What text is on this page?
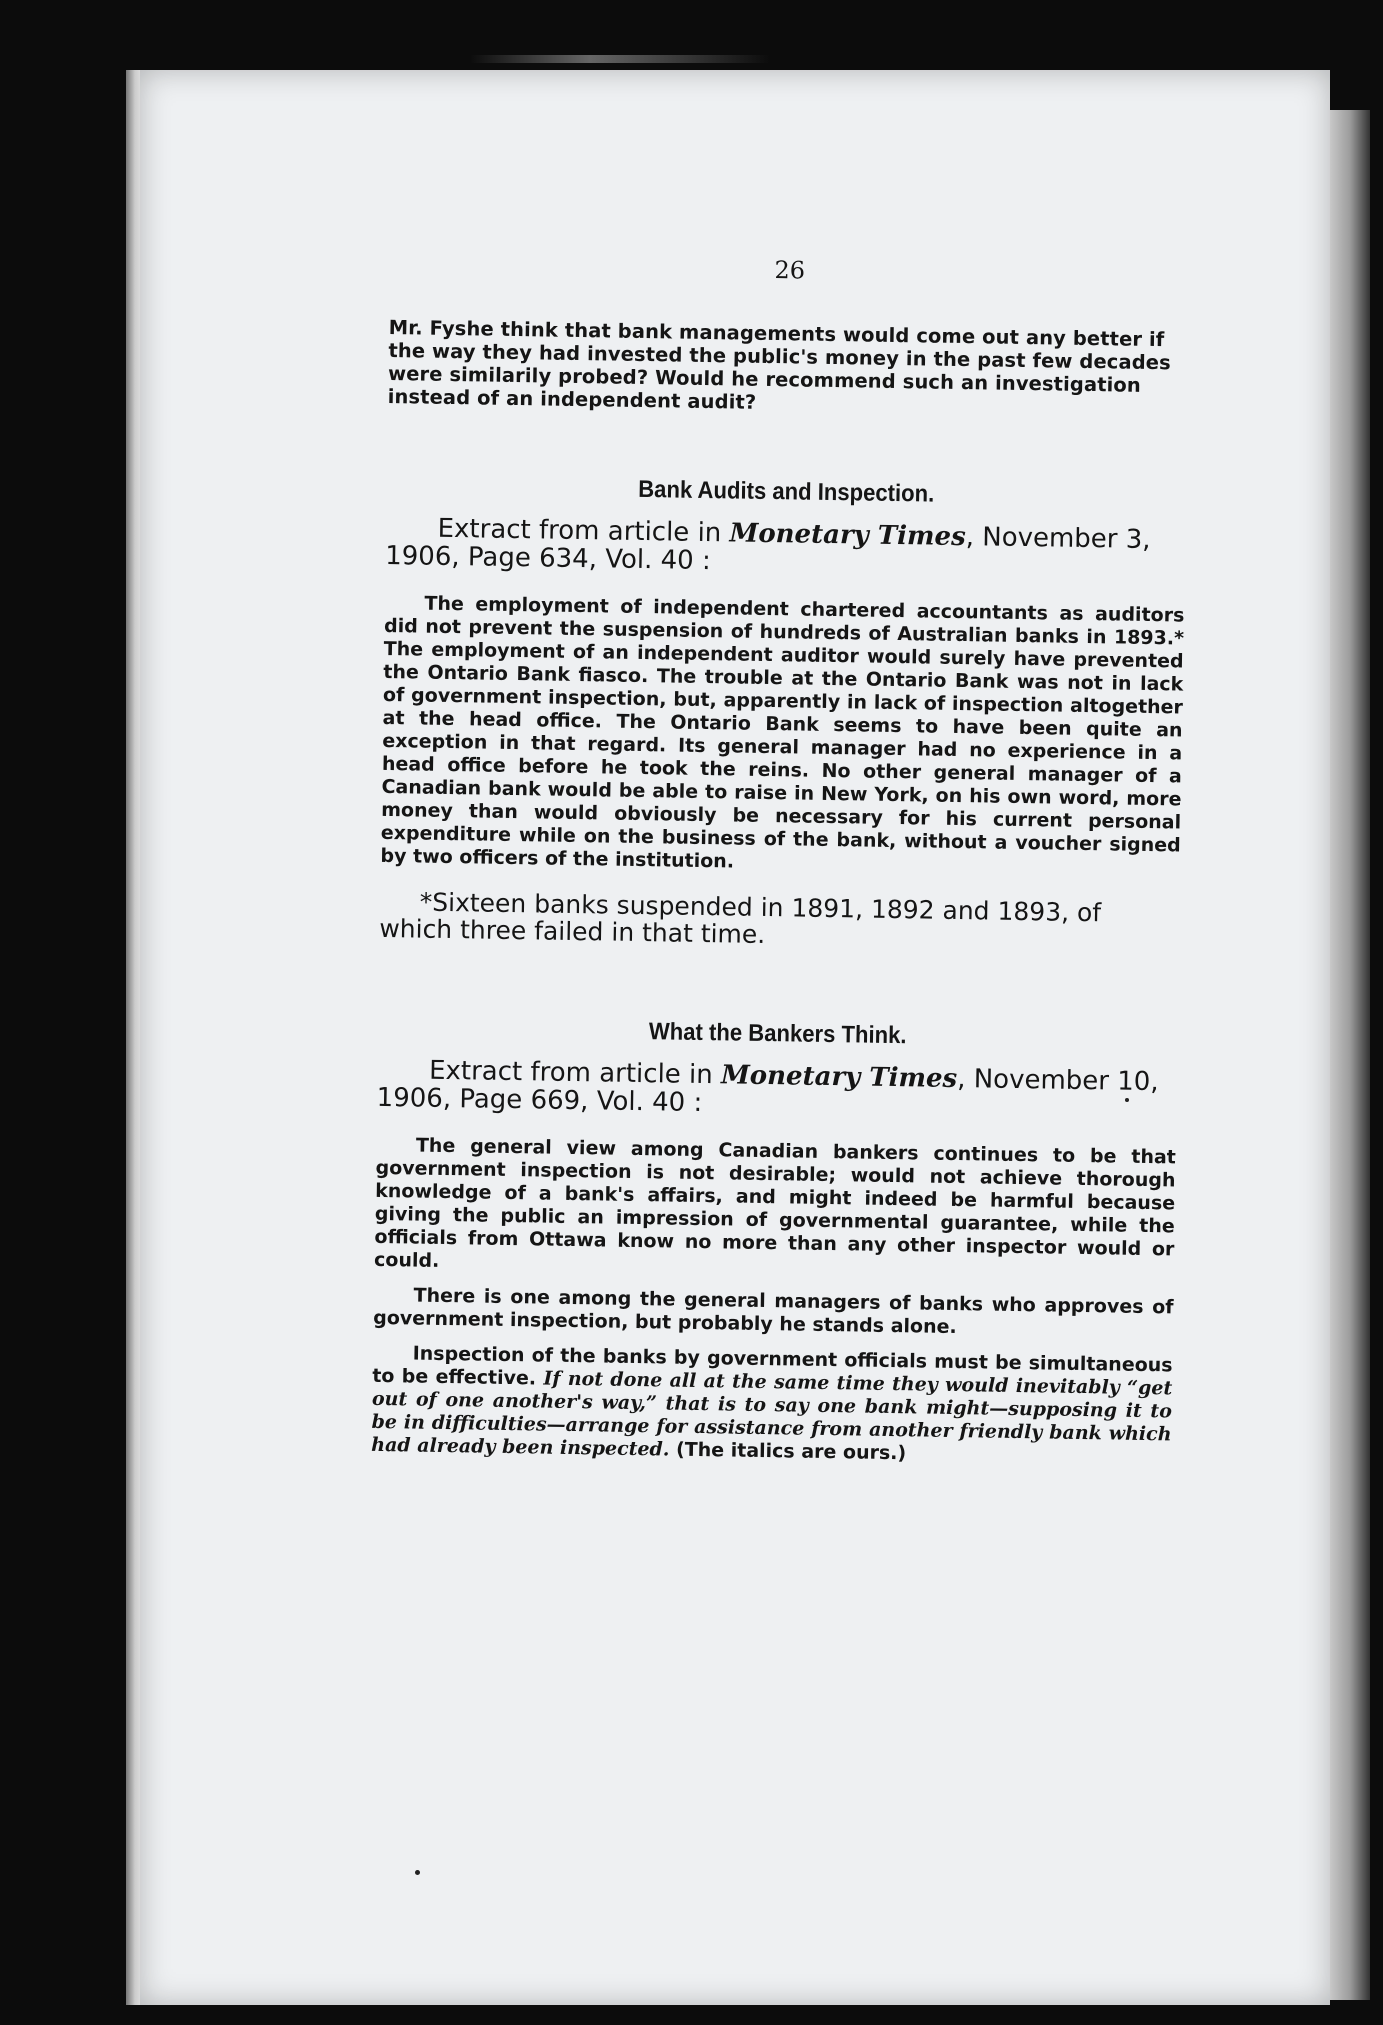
26

Mr. Fyshe think that bank managements would come out any better if the way they had invested the public's money in the past few decades were similarily probed? Would he recommend such an investigation instead of an independent audit?

Bank Audits and Inspection.

Extract from article in Monetary Times, November 3, 1906, Page 634, Vol. 40 :

The employment of independent chartered accountants as auditors did not prevent the suspension of hundreds of Australian banks in 1893.* The employment of an independent auditor would surely have prevented the Ontario Bank fiasco. The trouble at the Ontario Bank was not in lack of government inspection, but, apparently in lack of inspection altogether at the head office. The Ontario Bank seems to have been quite an exception in that regard. Its general manager had no experience in a head office before he took the reins. No other general manager of a Canadian bank would be able to raise in New York, on his own word, more money than would obviously be necessary for his current personal expenditure while on the business of the bank, without a voucher signed by two officers of the institution.

*Sixteen banks suspended in 1891, 1892 and 1893, of which three failed in that time.

What the Bankers Think.

Extract from article in Monetary Times, November 10, 1906, Page 669, Vol. 40 :

The general view among Canadian bankers continues to be that government inspection is not desirable; would not achieve thorough knowledge of a bank's affairs, and might indeed be harmful because giving the public an impression of governmental guarantee, while the officials from Ottawa know no more than any other inspector would or could.

There is one among the general managers of banks who approves of government inspection, but probably he stands alone.

Inspection of the banks by government officials must be simultaneous to be effective. If not done all at the same time they would inevitably “get out of one another's way,” that is to say one bank might—supposing it to be in difficulties—arrange for assistance from another friendly bank which had already been inspected. (The italics are ours.)
